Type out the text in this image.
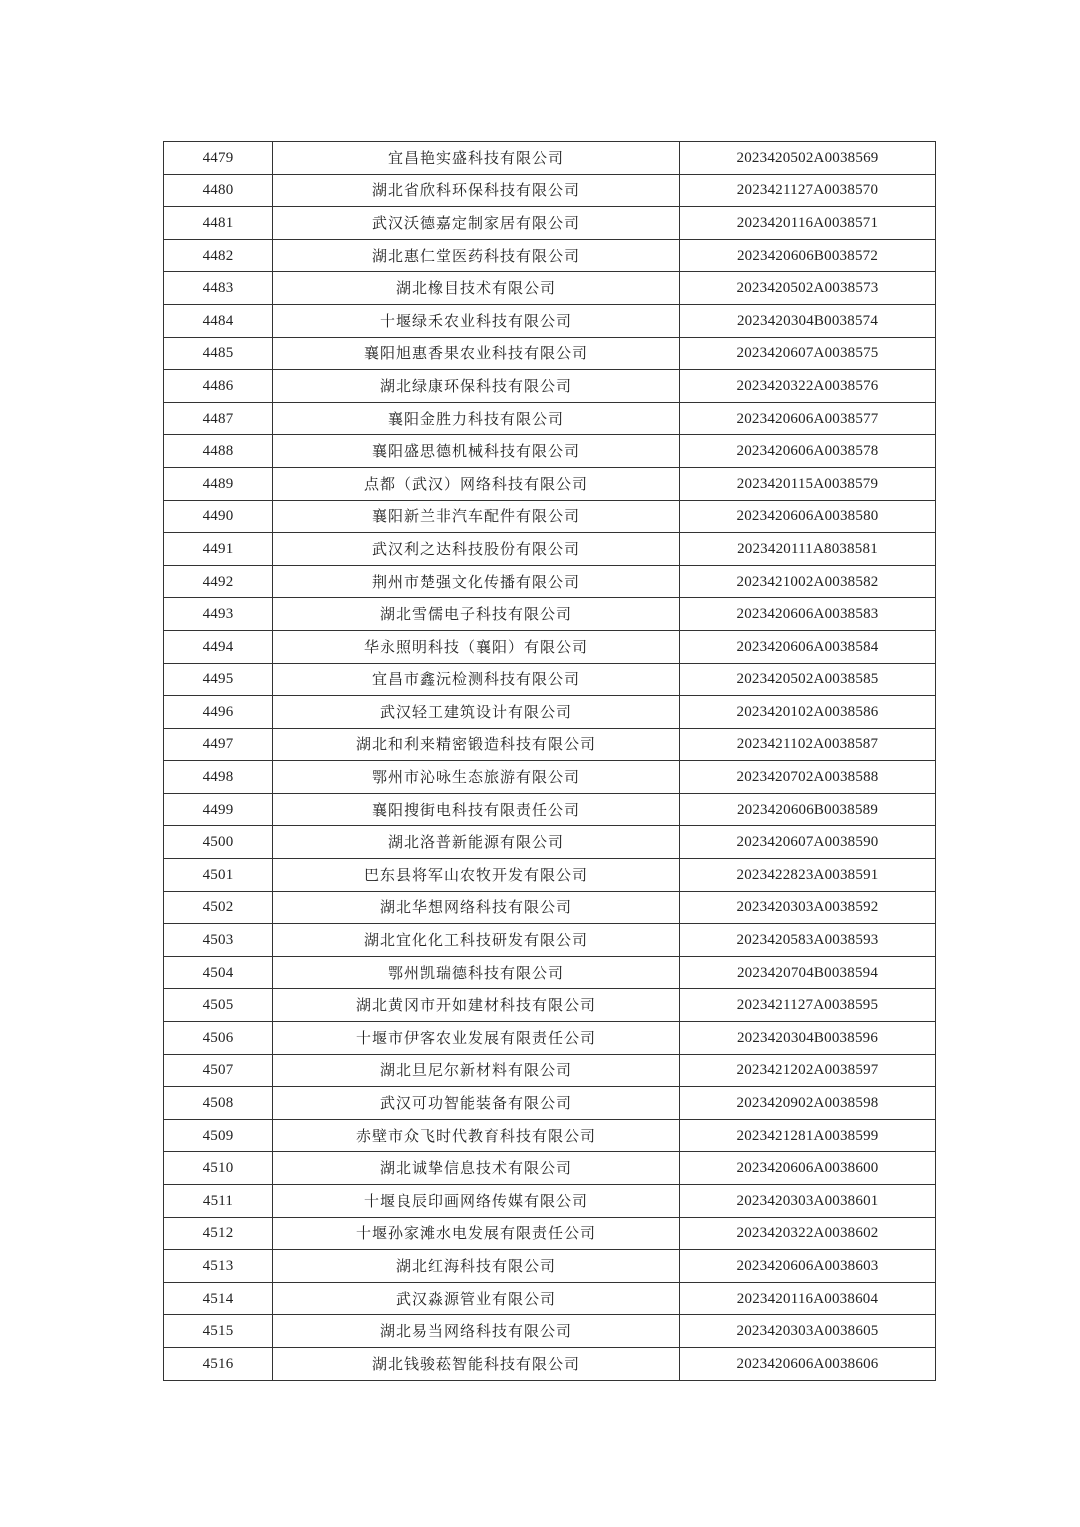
4479	宜昌艳实盛科技有限公司	2023420502A0038569
4480	湖北省欣科环保科技有限公司	2023421127A0038570
4481	武汉沃德嘉定制家居有限公司	2023420116A0038571
4482	湖北惠仁堂医药科技有限公司	2023420606B0038572
4483	湖北橡目技术有限公司	2023420502A0038573
4484	十堰绿禾农业科技有限公司	2023420304B0038574
4485	襄阳旭惠香果农业科技有限公司	2023420607A0038575
4486	湖北绿康环保科技有限公司	2023420322A0038576
4487	襄阳金胜力科技有限公司	2023420606A0038577
4488	襄阳盛思德机械科技有限公司	2023420606A0038578
4489	点都（武汉）网络科技有限公司	2023420115A0038579
4490	襄阳新兰非汽车配件有限公司	2023420606A0038580
4491	武汉利之达科技股份有限公司	2023420111A8038581
4492	荆州市楚强文化传播有限公司	2023421002A0038582
4493	湖北雪儒电子科技有限公司	2023420606A0038583
4494	华永照明科技（襄阳）有限公司	2023420606A0038584
4495	宜昌市鑫沅检测科技有限公司	2023420502A0038585
4496	武汉轻工建筑设计有限公司	2023420102A0038586
4497	湖北和利来精密锻造科技有限公司	2023421102A0038587
4498	鄂州市沁咏生态旅游有限公司	2023420702A0038588
4499	襄阳搜街电科技有限责任公司	2023420606B0038589
4500	湖北洛普新能源有限公司	2023420607A0038590
4501	巴东县将军山农牧开发有限公司	2023422823A0038591
4502	湖北华想网络科技有限公司	2023420303A0038592
4503	湖北宜化化工科技研发有限公司	2023420583A0038593
4504	鄂州凯瑞德科技有限公司	2023420704B0038594
4505	湖北黄冈市开如建材科技有限公司	2023421127A0038595
4506	十堰市伊客农业发展有限责任公司	2023420304B0038596
4507	湖北旦尼尔新材料有限公司	2023421202A0038597
4508	武汉可功智能装备有限公司	2023420902A0038598
4509	赤壁市众飞时代教育科技有限公司	2023421281A0038599
4510	湖北诚挚信息技术有限公司	2023420606A0038600
4511	十堰良辰印画网络传媒有限公司	2023420303A0038601
4512	十堰孙家滩水电发展有限责任公司	2023420322A0038602
4513	湖北红海科技有限公司	2023420606A0038603
4514	武汉淼源管业有限公司	2023420116A0038604
4515	湖北易当网络科技有限公司	2023420303A0038605
4516	湖北钱骏菘智能科技有限公司	2023420606A0038606
